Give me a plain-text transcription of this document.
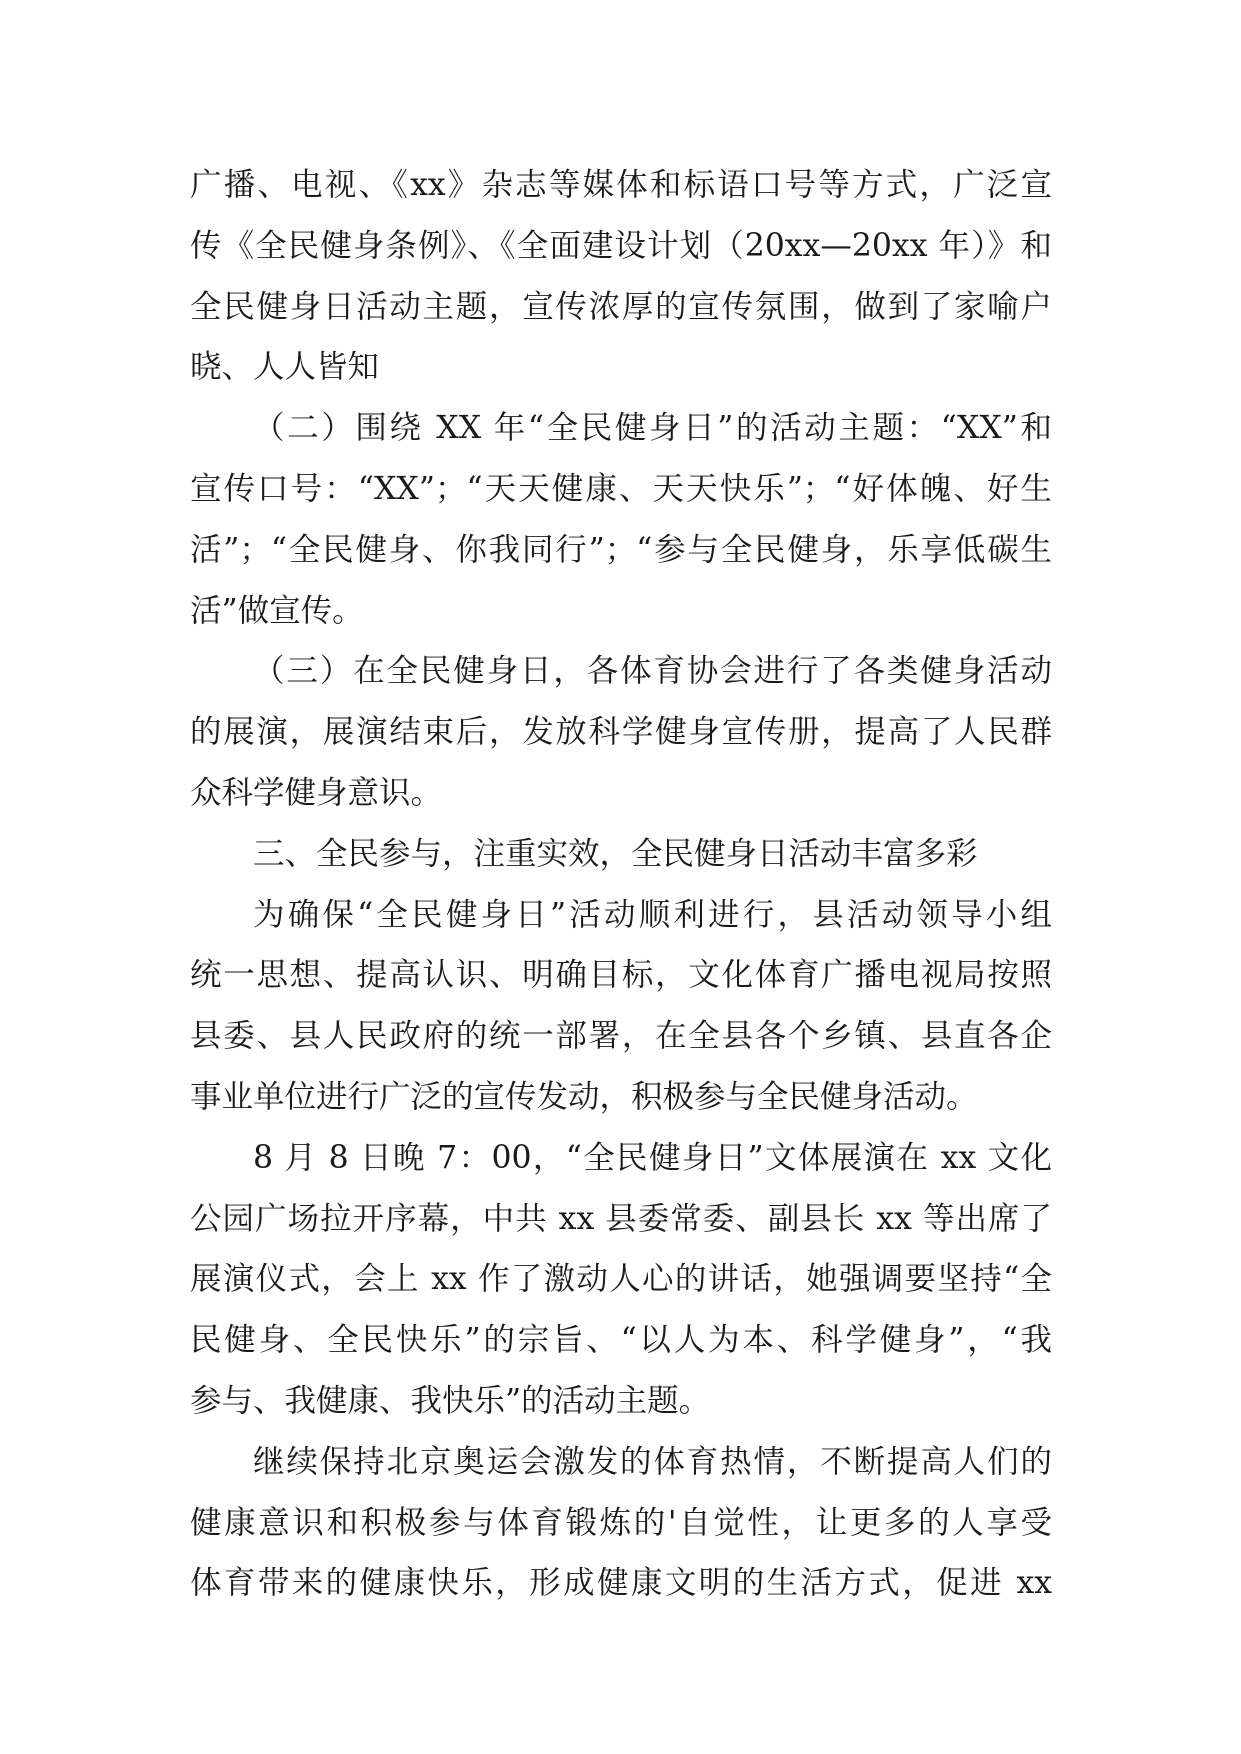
广播、电视、《xx》杂志等媒体和标语口号等方式，广泛宣
传《全民健身条例》、《全面建设计划（20xx—20xx 年）》和
全民健身日活动主题，宣传浓厚的宣传氛围，做到了家喻户
晓、人人皆知
（二）围绕 XX 年“全民健身日”的活动主题：“XX”和
宣传口号：“XX”；“天天健康、天天快乐”；“好体魄、好生
活”；“全民健身、你我同行”；“参与全民健身，乐享低碳生
活”做宣传。
（三）在全民健身日，各体育协会进行了各类健身活动
的展演，展演结束后，发放科学健身宣传册，提高了人民群
众科学健身意识。
三、全民参与，注重实效，全民健身日活动丰富多彩
为确保“全民健身日”活动顺利进行，县活动领导小组
统一思想、提高认识、明确目标，文化体育广播电视局按照
县委、县人民政府的统一部署，在全县各个乡镇、县直各企
事业单位进行广泛的宣传发动，积极参与全民健身活动。
8 月 8 日晚 7：00，“全民健身日”文体展演在 xx 文化
公园广场拉开序幕，中共 xx 县委常委、副县长 xx 等出席了
展演仪式，会上 xx 作了激动人心的讲话，她强调要坚持“全
民健身、全民快乐”的宗旨、“以人为本、科学健身”，“我
参与、我健康、我快乐”的活动主题。
继续保持北京奥运会激发的体育热情，不断提高人们的
健康意识和积极参与体育锻炼的'自觉性，让更多的人享受
体育带来的健康快乐，形成健康文明的生活方式，促进 xx
